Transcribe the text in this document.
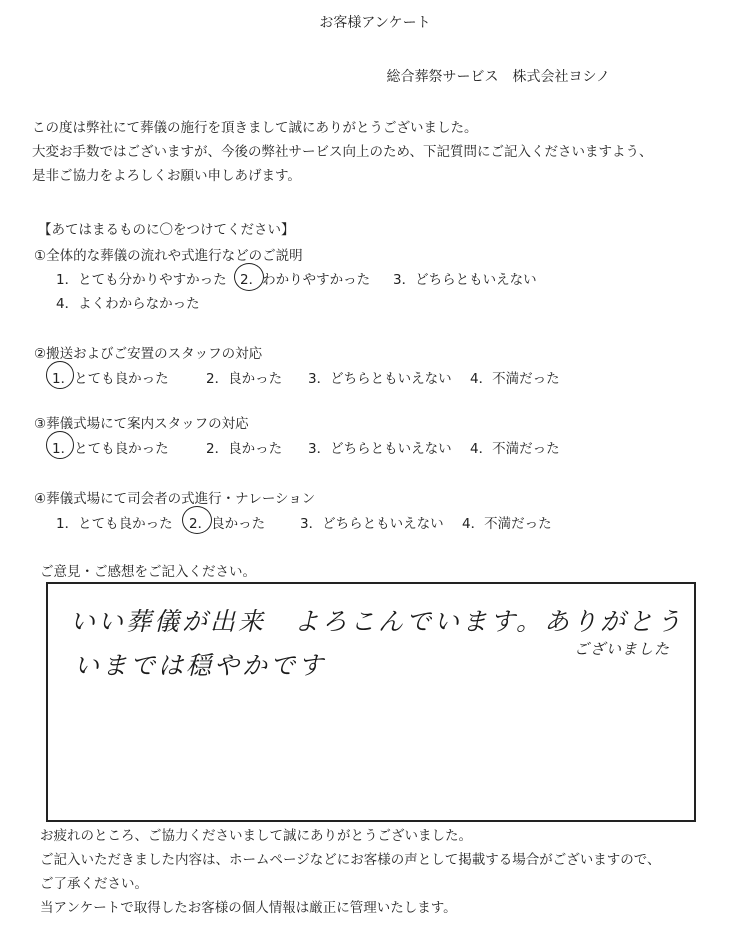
お客様アンケート
総合葬祭サービス　株式会社ヨシノ
この度は弊社にて葬儀の施行を頂きまして誠にありがとうございました。
大変お手数ではございますが、今後の弊社サービス向上のため、下記質問にご記入くださいますよう、
是非ご協力をよろしくお願い申しあげます。
【あてはまるものに〇をつけてください】
①全体的な葬儀の流れや式進行などのご説明
1．とても分かりやすかった 2．わかりやすかった 3．どちらともいえない
4．よくわからなかった
②搬送およびご安置のスタッフの対応
1．とても良かった	2．良かった 3．どちらともいえない 4．不満だった
③葬儀式場にて案内スタッフの対応
1．とても良かった	2．良かった 3．どちらともいえない 4．不満だった
④葬儀式場にて司会者の式進行・ナレーション
1．とても良かった 2．良かった	3．どちらともいえない 4．不満だった
ご意見・ご感想をご記入ください。
いい葬儀が出来　よろこんでいます。ありがとう
いまでは穏やかです
ございました
お疲れのところ、ご協力くださいまして誠にありがとうございました。
ご記入いただきました内容は、ホームページなどにお客様の声として掲載する場合がございますので、
ご了承ください。
当アンケートで取得したお客様の個人情報は厳正に管理いたします。
